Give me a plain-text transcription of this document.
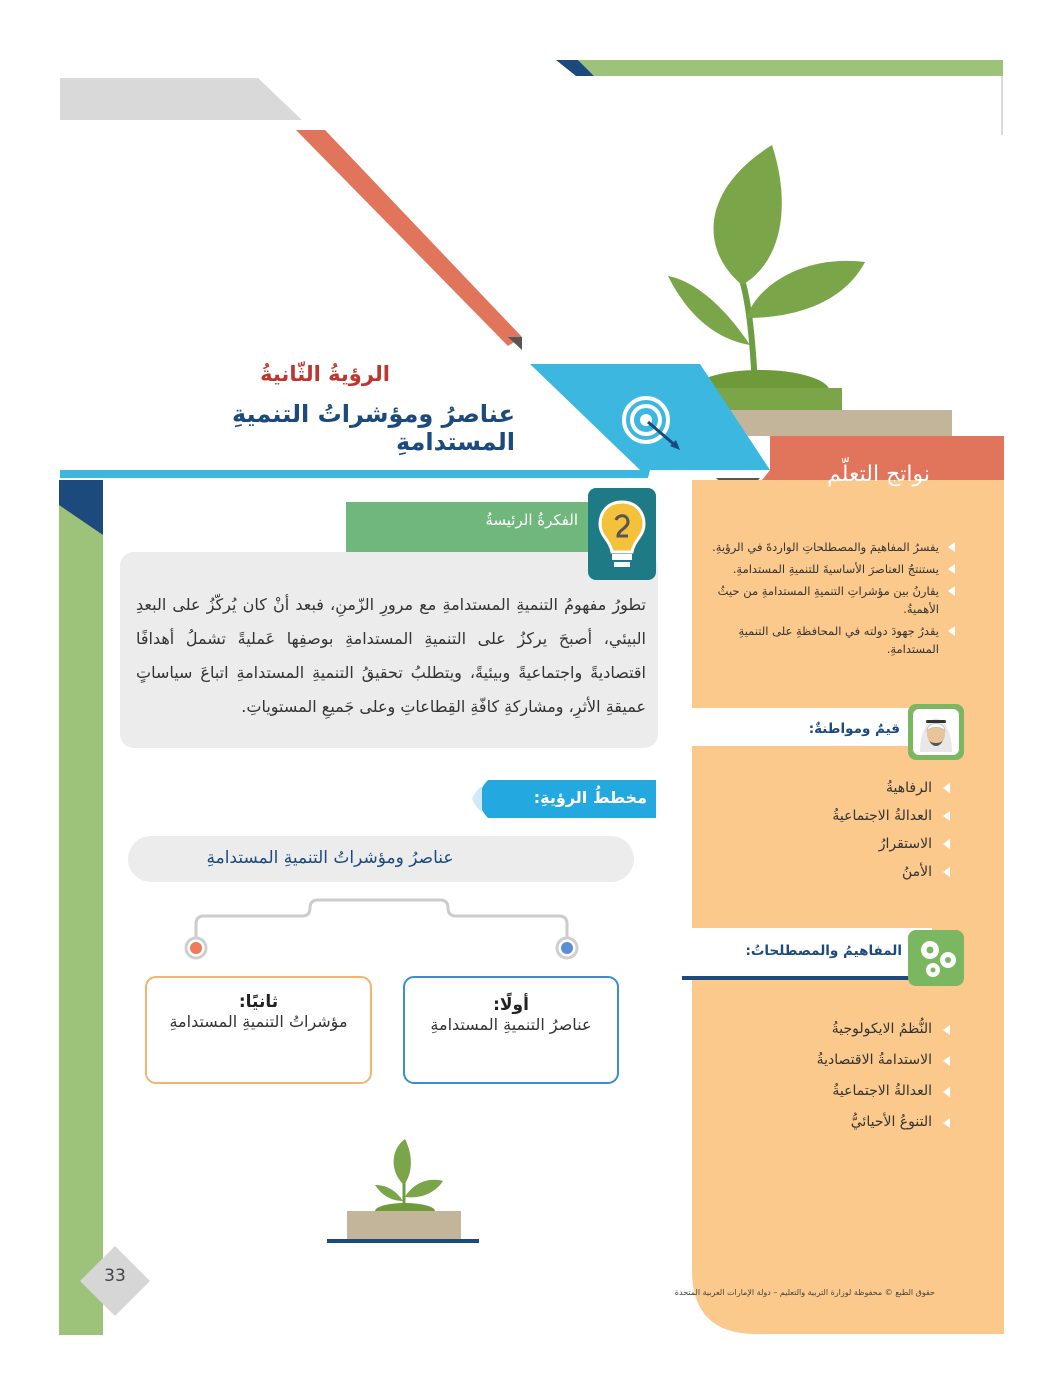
الرؤيةُ الثّانيةُ
عناصرُ ومؤشراتُ التنميةِ المستدامةِ
نواتج التعلّم
يفسرُ المفاهيمَ والمصطلحاتِ الواردةَ في الرؤيةِ.
يستنتجُ العناصرَ الأساسيةَ للتنميةِ المستدامةِ.
يقارنُ بين مؤشراتِ التنميةِ المستدامةِ من حيثُ الأهميةُ.
يقدرُ جهودَ دولته في المحافظةِ على التنميةِ المستدامةِ.
قيمٌ ومواطنةٌ:
الرفاهيةُ
العدالةُ الاجتماعيةُ
الاستقرارُ
الأمنُ
المفاهيمُ والمصطلحاتُ:
النُّظمُ الايكولوجيةُ
الاستدامةُ الاقتصاديةُ
العدالةُ الاجتماعيةُ
التنوعُ الأحيائيُّ
الفكرةُ الرئيسةُ
تطورُ مفهومُ التنميةِ المستدامةِ مع مرورِ الزّمنِ، فبعد أنْ كان يُركّزُ على البعدِ البيئي، أصبحَ يركزُ على التنميةِ المستدامةِ بوصفِها عَمليةً تشملُ أهدافًا اقتصاديةً واجتماعيةً وبيئيةً، ويتطلبُ تحقيقُ التنميةِ المستدامةِ اتباعَ سياساتٍ عميقةِ الأثرِ، ومشاركةِ كافّةِ القِطاعاتِ وعلى جَميعِ المستوياتِ.
مخططُ الرؤيةِ:
عناصرُ ومؤشراتُ التنميةِ المستدامةِ
أولًا:
عناصرُ التنميةِ المستدامةِ
ثانيًا:
مؤشراتُ التنميةِ المستدامةِ
33
حقوق الطبع © محفوظة لوزارة التربية والتعليم – دولة الإمارات العربية المتحدة
